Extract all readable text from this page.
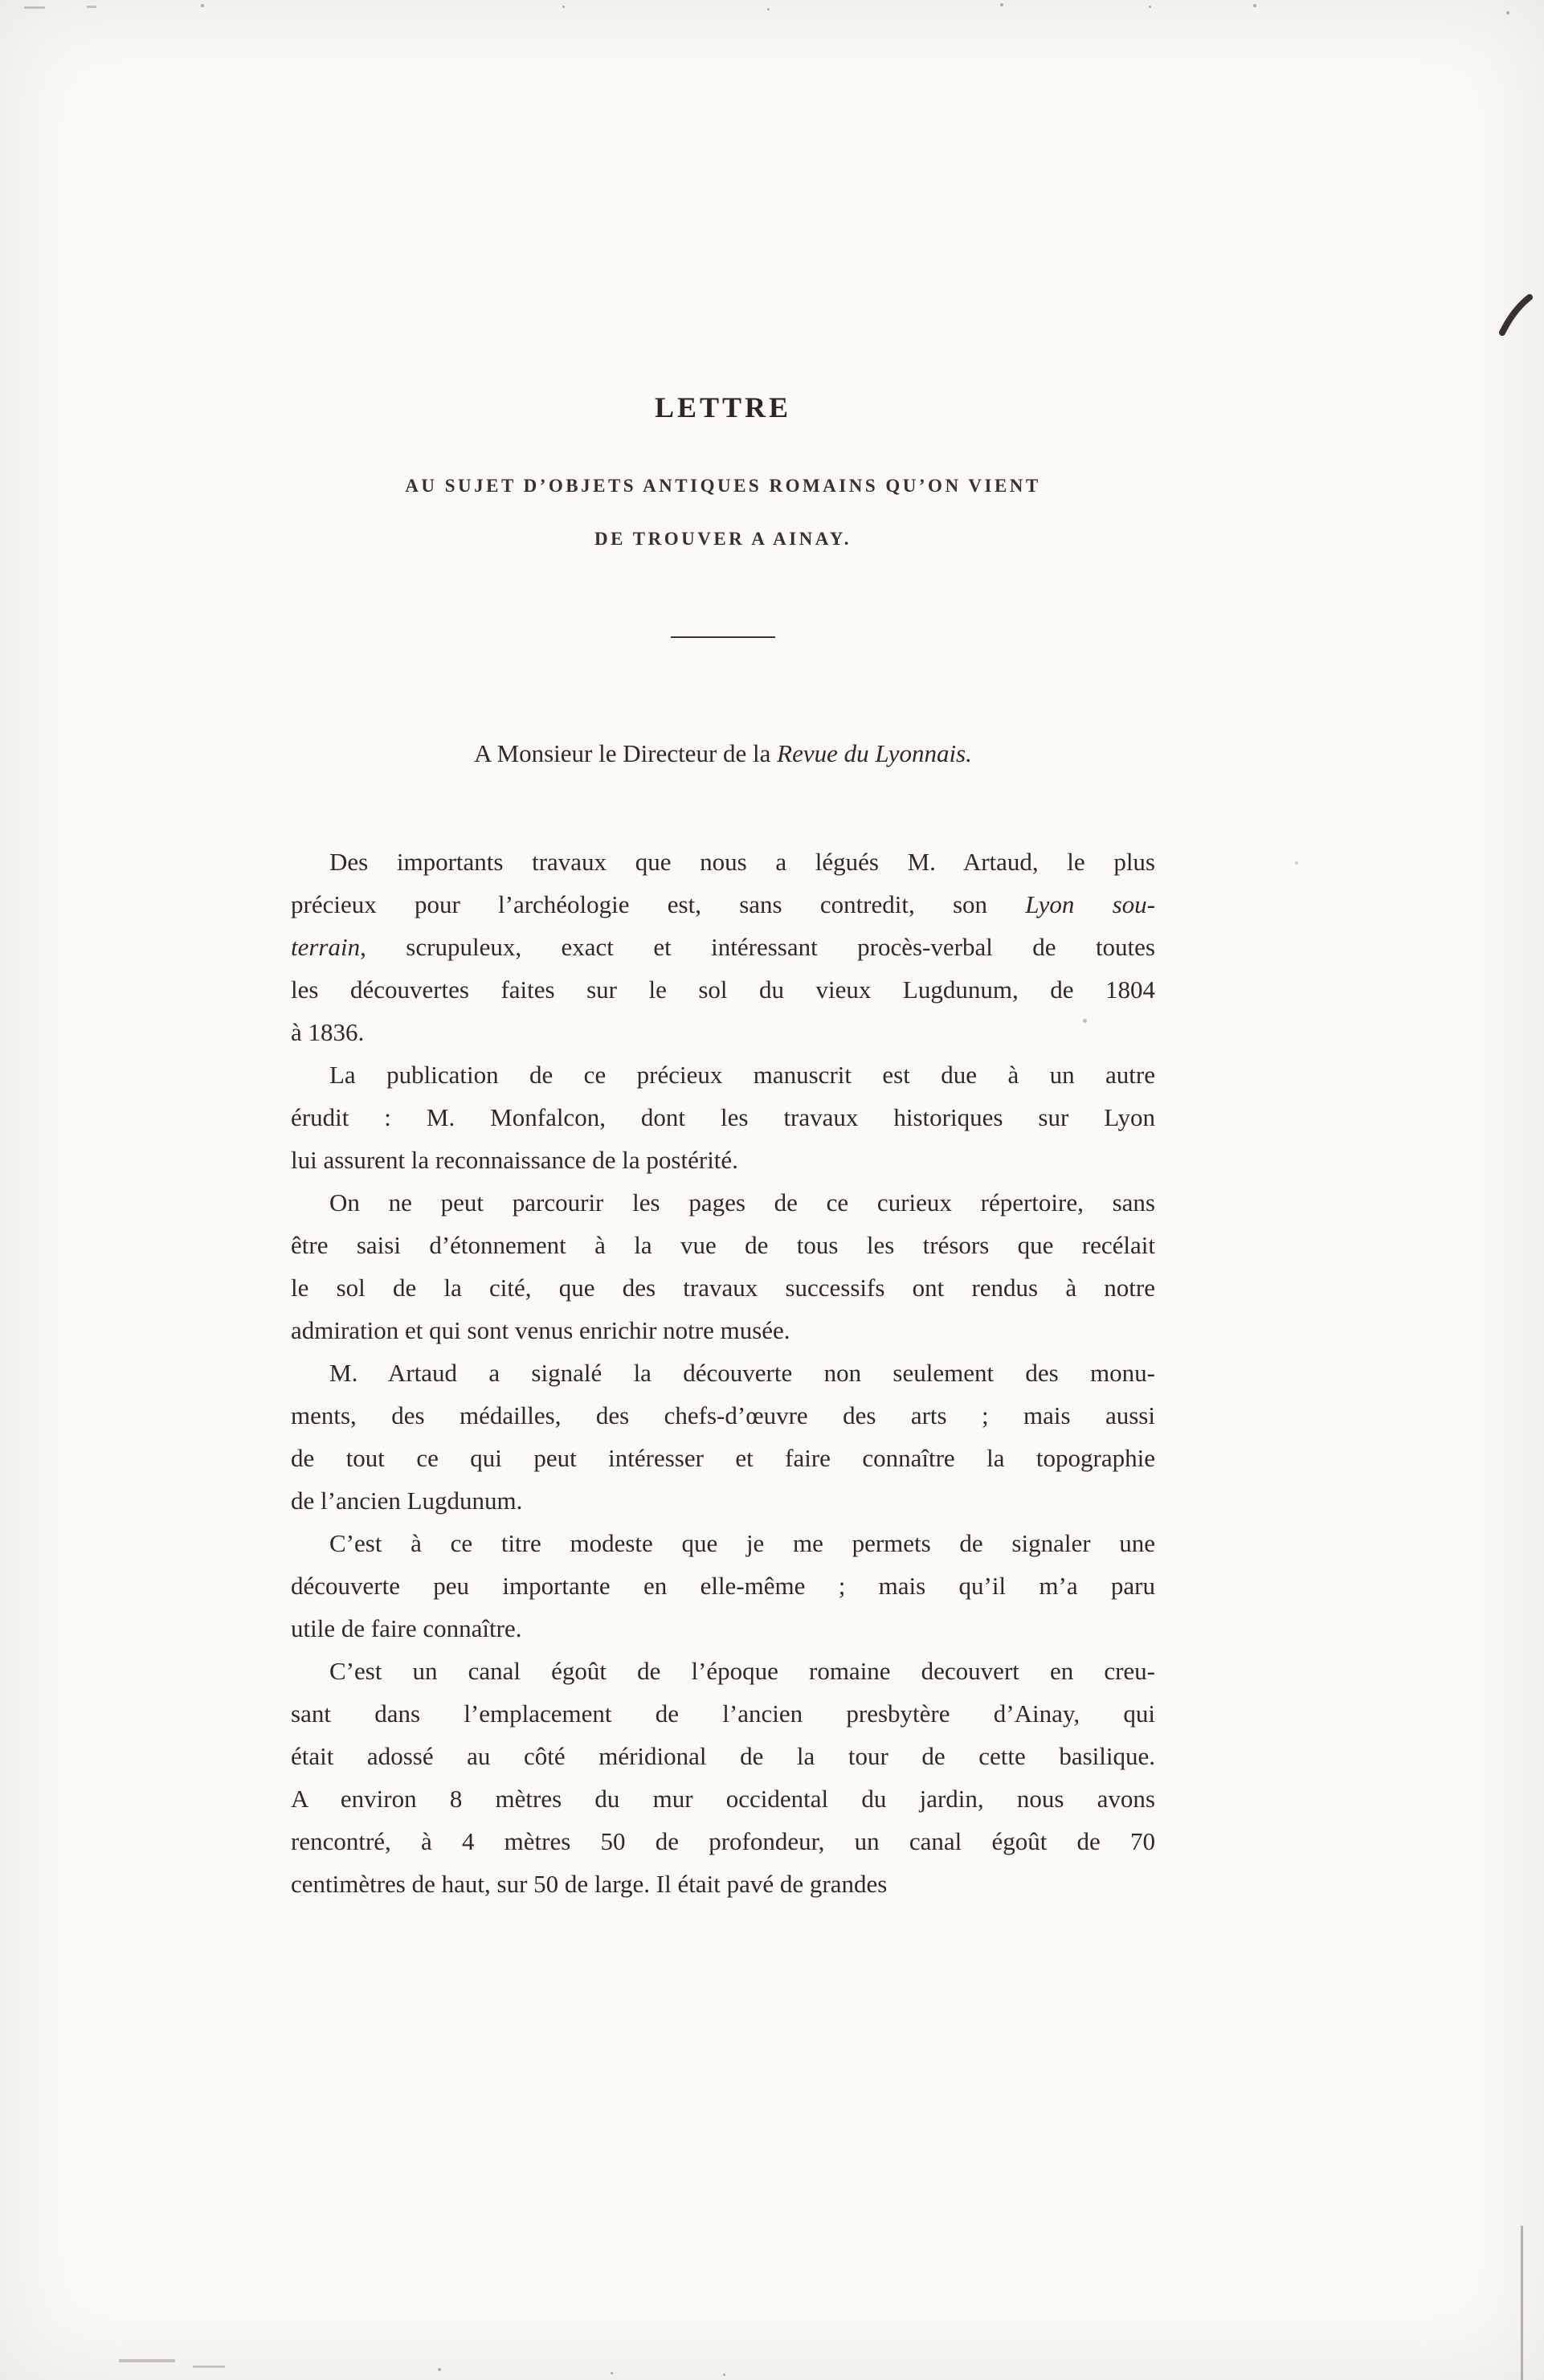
LETTRE
AU SUJET D’OBJETS ANTIQUES ROMAINS QU’ON VIENT
DE TROUVER A AINAY.
A Monsieur le Directeur de la Revue du Lyonnais.
Des importants travaux que nous a légués M. Artaud, le plus
précieux pour l’archéologie est, sans contredit, son Lyon sou-
terrain, scrupuleux, exact et intéressant procès-verbal de toutes
les découvertes faites sur le sol du vieux Lugdunum, de 1804
à 1836.
La publication de ce précieux manuscrit est due à un autre
érudit : M. Monfalcon, dont les travaux historiques sur Lyon
lui assurent la reconnaissance de la postérité.
On ne peut parcourir les pages de ce curieux répertoire, sans
être saisi d’étonnement à la vue de tous les trésors que recélait
le sol de la cité, que des travaux successifs ont rendus à notre
admiration et qui sont venus enrichir notre musée.
M. Artaud a signalé la découverte non seulement des monu-
ments, des médailles, des chefs-d’œuvre des arts ; mais aussi
de tout ce qui peut intéresser et faire connaître la topographie
de l’ancien Lugdunum.
C’est à ce titre modeste que je me permets de signaler une
découverte peu importante en elle-même ; mais qu’il m’a paru
utile de faire connaître.
C’est un canal égoût de l’époque romaine decouvert en creu-
sant dans l’emplacement de l’ancien presbytère d’Ainay, qui
était adossé au côté méridional de la tour de cette basilique.
A environ 8 mètres du mur occidental du jardin, nous avons
rencontré, à 4 mètres 50 de profondeur, un canal égoût de 70
centimètres de haut, sur 50 de large. Il était pavé de grandes
